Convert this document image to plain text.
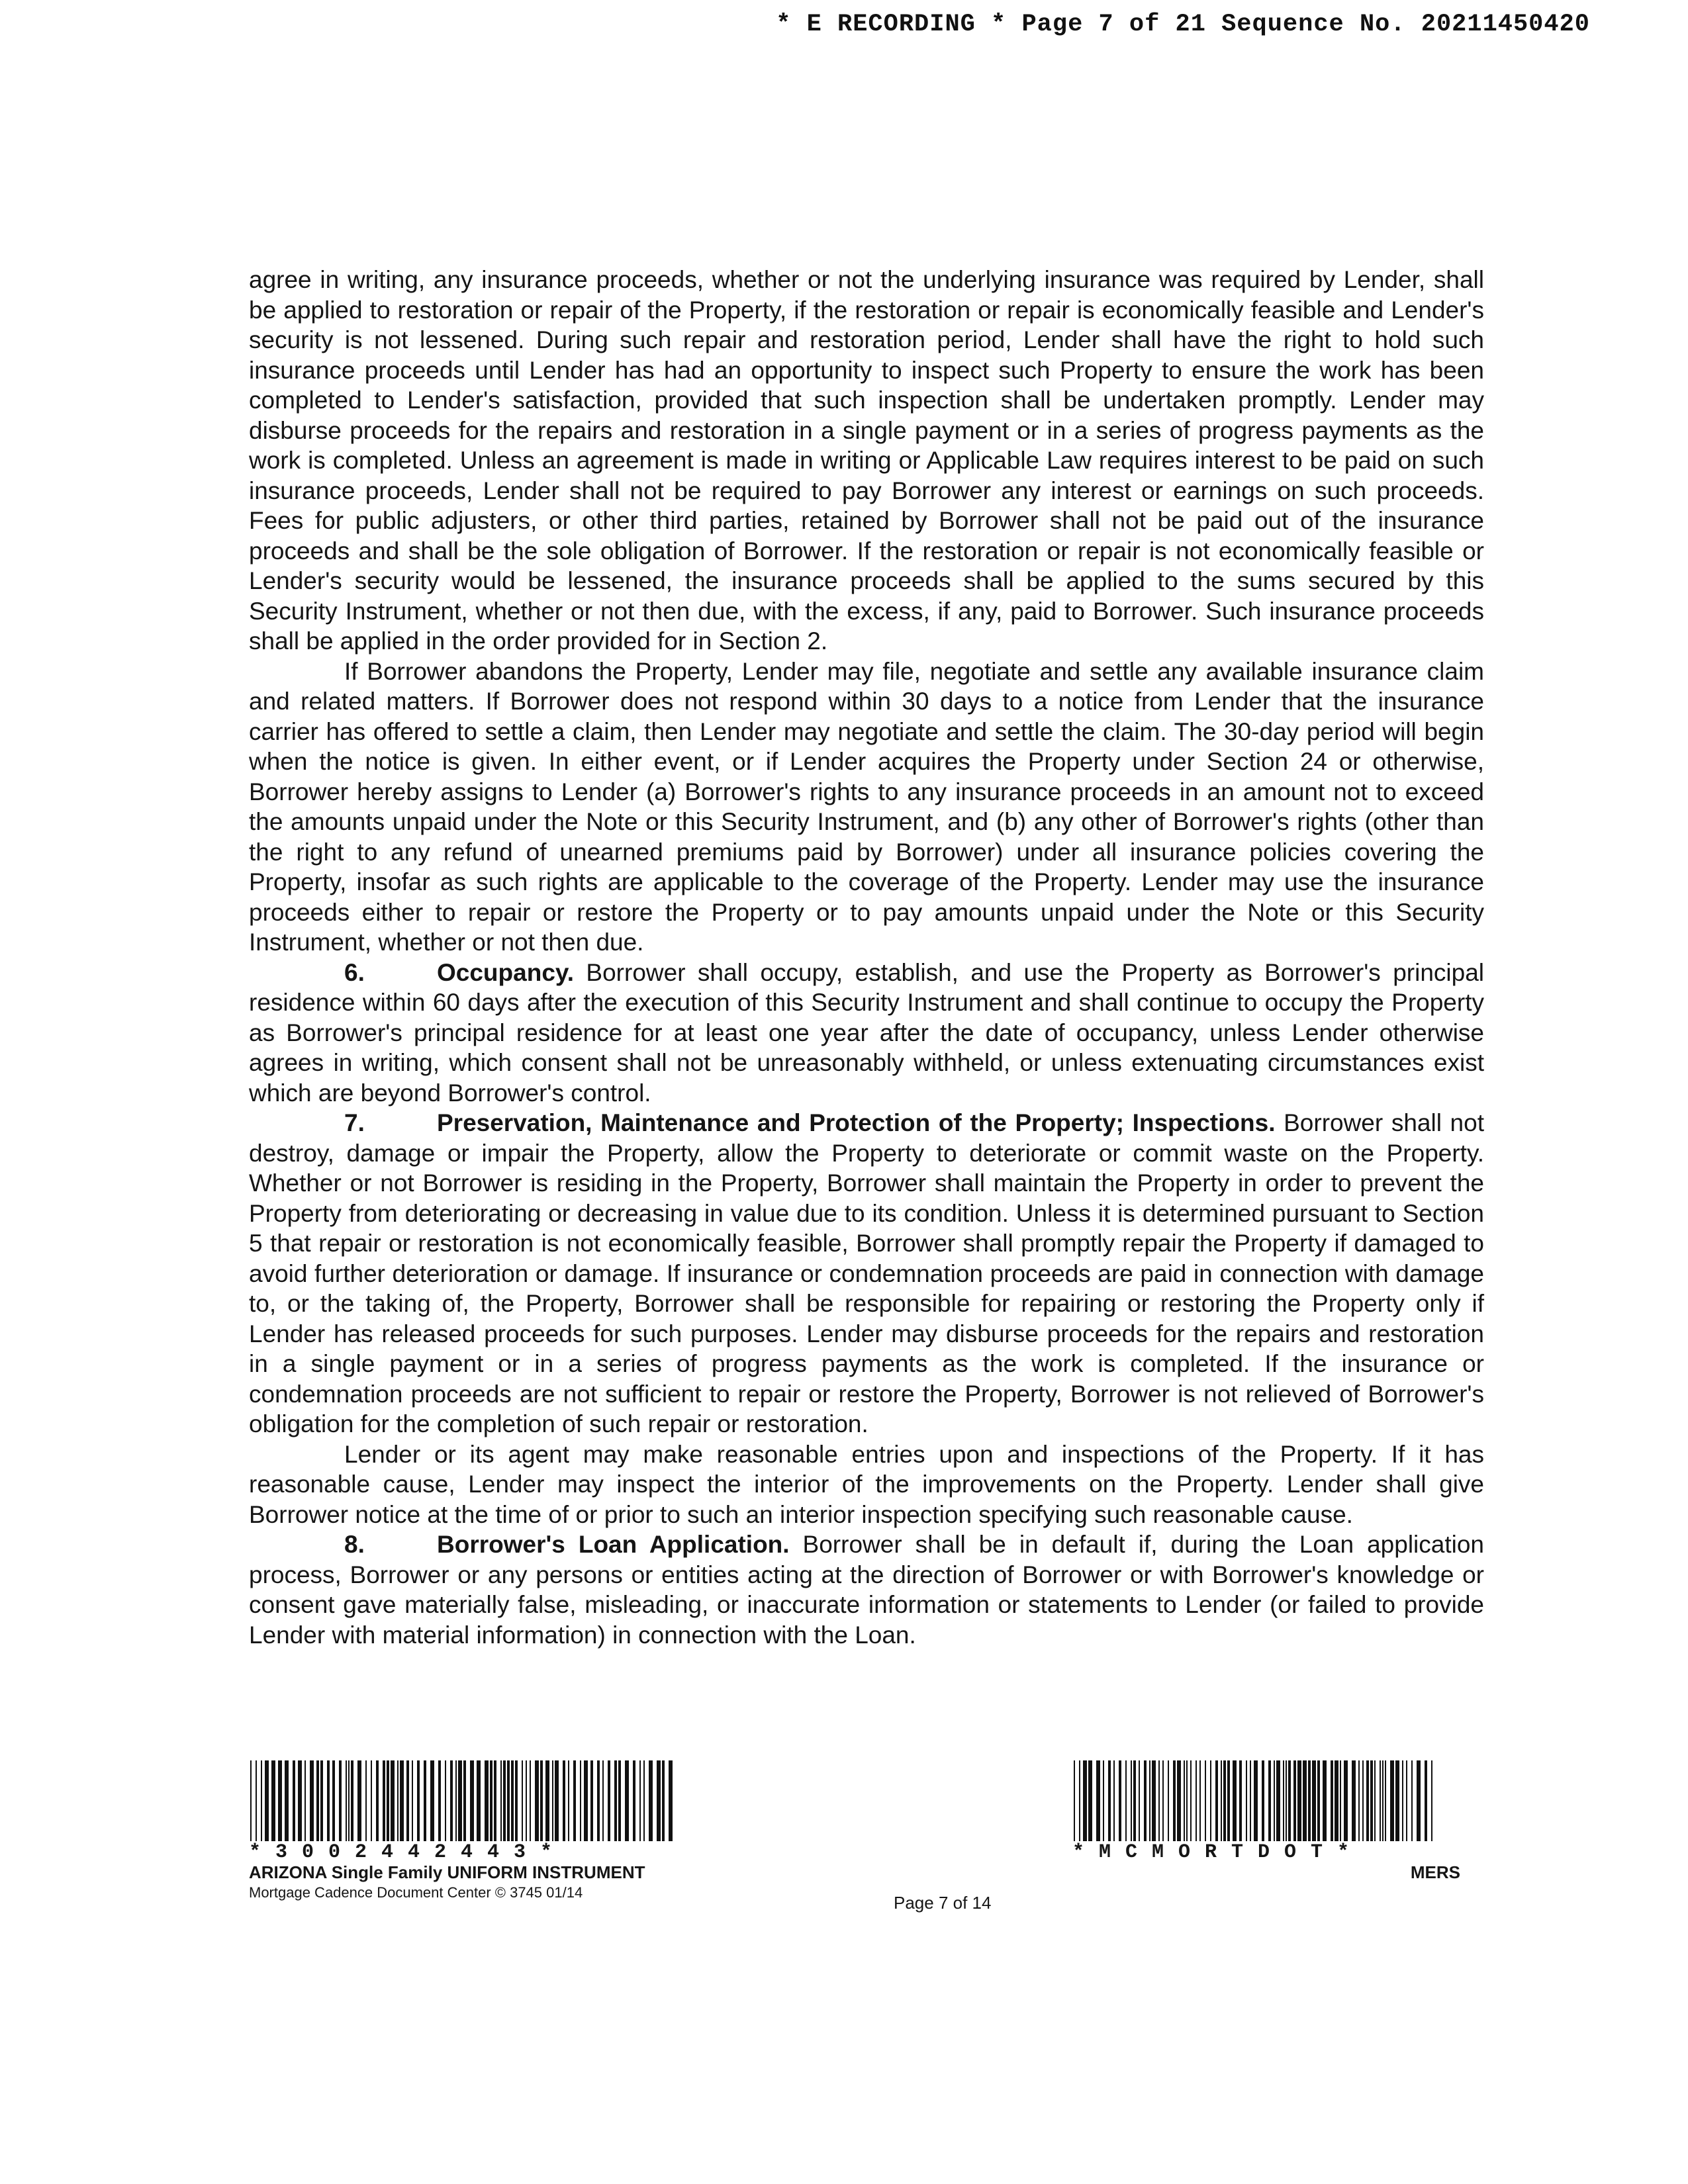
* E RECORDING * Page 7 of 21 Sequence No. 20211450420

agree in writing, any insurance proceeds, whether or not the underlying insurance was required by Lender, shall be applied to restoration or repair of the Property, if the restoration or repair is economically feasible and Lender's security is not lessened. During such repair and restoration period, Lender shall have the right to hold such insurance proceeds until Lender has had an opportunity to inspect such Property to ensure the work has been completed to Lender's satisfaction, provided that such inspection shall be undertaken promptly. Lender may disburse proceeds for the repairs and restoration in a single payment or in a series of progress payments as the work is completed. Unless an agreement is made in writing or Applicable Law requires interest to be paid on such insurance proceeds, Lender shall not be required to pay Borrower any interest or earnings on such proceeds. Fees for public adjusters, or other third parties, retained by Borrower shall not be paid out of the insurance proceeds and shall be the sole obligation of Borrower. If the restoration or repair is not economically feasible or Lender's security would be lessened, the insurance proceeds shall be applied to the sums secured by this Security Instrument, whether or not then due, with the excess, if any, paid to Borrower. Such insurance proceeds shall be applied in the order provided for in Section 2.

If Borrower abandons the Property, Lender may file, negotiate and settle any available insurance claim and related matters. If Borrower does not respond within 30 days to a notice from Lender that the insurance carrier has offered to settle a claim, then Lender may negotiate and settle the claim. The 30-day period will begin when the notice is given. In either event, or if Lender acquires the Property under Section 24 or otherwise, Borrower hereby assigns to Lender (a) Borrower's rights to any insurance proceeds in an amount not to exceed the amounts unpaid under the Note or this Security Instrument, and (b) any other of Borrower's rights (other than the right to any refund of unearned premiums paid by Borrower) under all insurance policies covering the Property, insofar as such rights are applicable to the coverage of the Property. Lender may use the insurance proceeds either to repair or restore the Property or to pay amounts unpaid under the Note or this Security Instrument, whether or not then due.

6.	Occupancy. Borrower shall occupy, establish, and use the Property as Borrower's principal residence within 60 days after the execution of this Security Instrument and shall continue to occupy the Property as Borrower's principal residence for at least one year after the date of occupancy, unless Lender otherwise agrees in writing, which consent shall not be unreasonably withheld, or unless extenuating circumstances exist which are beyond Borrower's control.

7.	Preservation, Maintenance and Protection of the Property; Inspections. Borrower shall not destroy, damage or impair the Property, allow the Property to deteriorate or commit waste on the Property. Whether or not Borrower is residing in the Property, Borrower shall maintain the Property in order to prevent the Property from deteriorating or decreasing in value due to its condition. Unless it is determined pursuant to Section 5 that repair or restoration is not economically feasible, Borrower shall promptly repair the Property if damaged to avoid further deterioration or damage. If insurance or condemnation proceeds are paid in connection with damage to, or the taking of, the Property, Borrower shall be responsible for repairing or restoring the Property only if Lender has released proceeds for such purposes. Lender may disburse proceeds for the repairs and restoration in a single payment or in a series of progress payments as the work is completed. If the insurance or condemnation proceeds are not sufficient to repair or restore the Property, Borrower is not relieved of Borrower's obligation for the completion of such repair or restoration.

Lender or its agent may make reasonable entries upon and inspections of the Property. If it has reasonable cause, Lender may inspect the interior of the improvements on the Property. Lender shall give Borrower notice at the time of or prior to such an interior inspection specifying such reasonable cause.

8.	Borrower's Loan Application. Borrower shall be in default if, during the Loan application process, Borrower or any persons or entities acting at the direction of Borrower or with Borrower's knowledge or consent gave materially false, misleading, or inaccurate information or statements to Lender (or failed to provide Lender with material information) in connection with the Loan.

*3002442443*
ARIZONA Single Family UNIFORM INSTRUMENT
Mortgage Cadence Document Center © 3745 01/14
Page 7 of 14
*MCMORTDOT*
MERS
